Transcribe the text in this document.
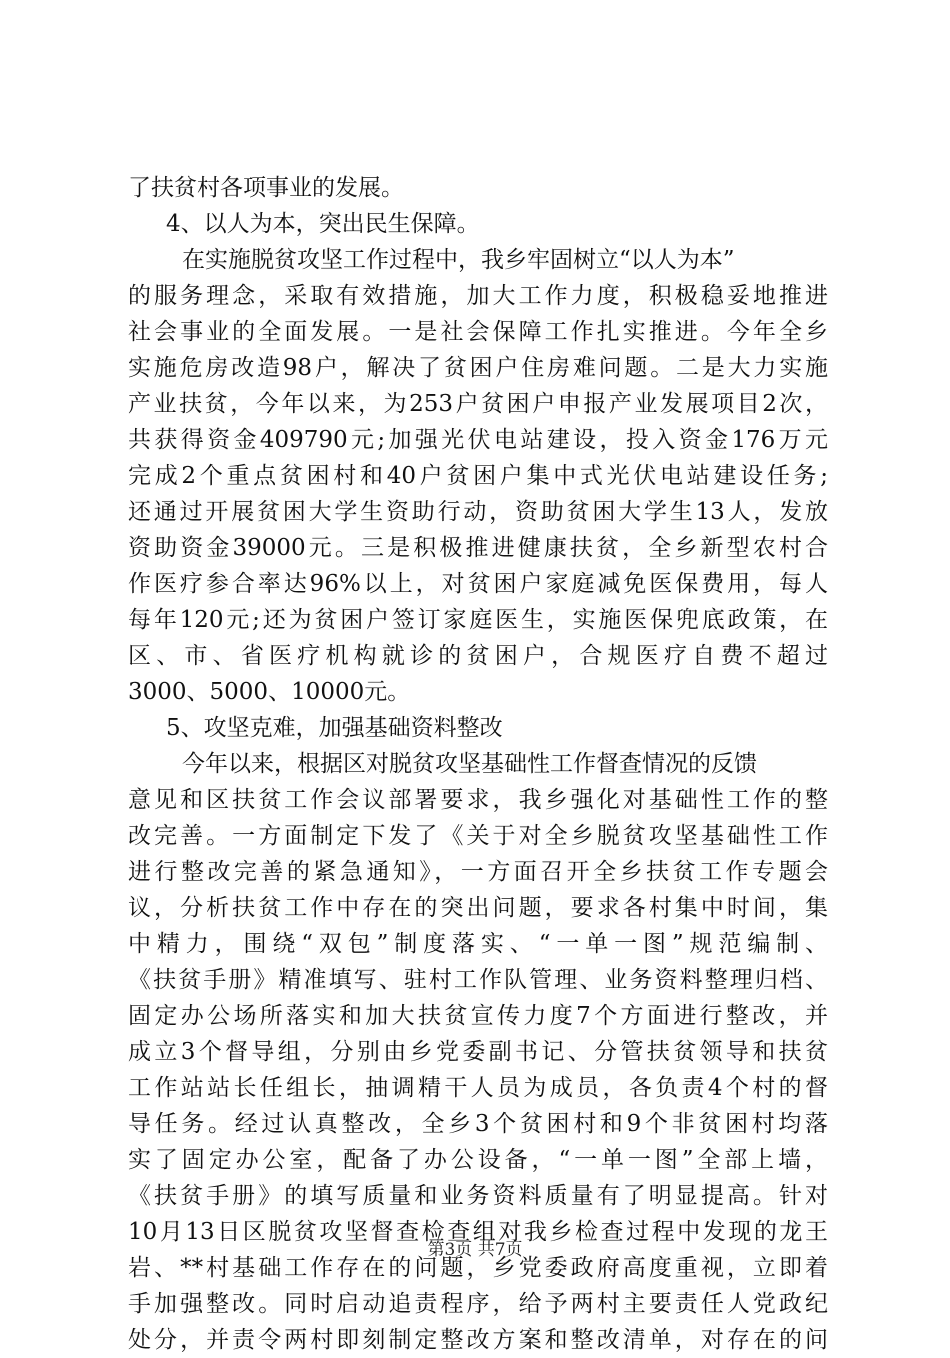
了扶贫村各项事业的发展。
4、以人为本，突出民生保障。
在实施脱贫攻坚工作过程中，我乡牢固树立“以人为本”
的服务理念，采取有效措施，加大工作力度，积极稳妥地推进
社会事业的全面发展。一是社会保障工作扎实推进。今年全乡
实施危房改造98户，解决了贫困户住房难问题。二是大力实施
产业扶贫，今年以来，为253户贫困户申报产业发展项目2次，
共获得资金409790元;加强光伏电站建设，投入资金176万元
完成2个重点贫困村和40户贫困户集中式光伏电站建设任务;
还通过开展贫困大学生资助行动，资助贫困大学生13人，发放
资助资金39000元。三是积极推进健康扶贫，全乡新型农村合
作医疗参合率达96%以上，对贫困户家庭减免医保费用，每人
每年120元;还为贫困户签订家庭医生，实施医保兜底政策，在
区、市、省医疗机构就诊的贫困户，合规医疗自费不超过
3000、5000、10000元。
5、攻坚克难，加强基础资料整改
今年以来，根据区对脱贫攻坚基础性工作督查情况的反馈
意见和区扶贫工作会议部署要求，我乡强化对基础性工作的整
改完善。一方面制定下发了《关于对全乡脱贫攻坚基础性工作
进行整改完善的紧急通知》，一方面召开全乡扶贫工作专题会
议，分析扶贫工作中存在的突出问题，要求各村集中时间，集
中精力，围绕“双包”制度落实、“一单一图”规范编制、
《扶贫手册》精准填写、驻村工作队管理、业务资料整理归档、
固定办公场所落实和加大扶贫宣传力度7个方面进行整改，并
成立3个督导组，分别由乡党委副书记、分管扶贫领导和扶贫
工作站站长任组长，抽调精干人员为成员，各负责4个村的督
导任务。经过认真整改，全乡3个贫困村和9个非贫困村均落
实了固定办公室，配备了办公设备，“一单一图”全部上墙，
《扶贫手册》的填写质量和业务资料质量有了明显提高。针对
10月13日区脱贫攻坚督查检查组对我乡检查过程中发现的龙王
岩、**村基础工作存在的问题，乡党委政府高度重视，立即着
手加强整改。同时启动追责程序，给予两村主要责任人党政纪
处分，并责令两村即刻制定整改方案和整改清单，对存在的问
第3页 共7页
